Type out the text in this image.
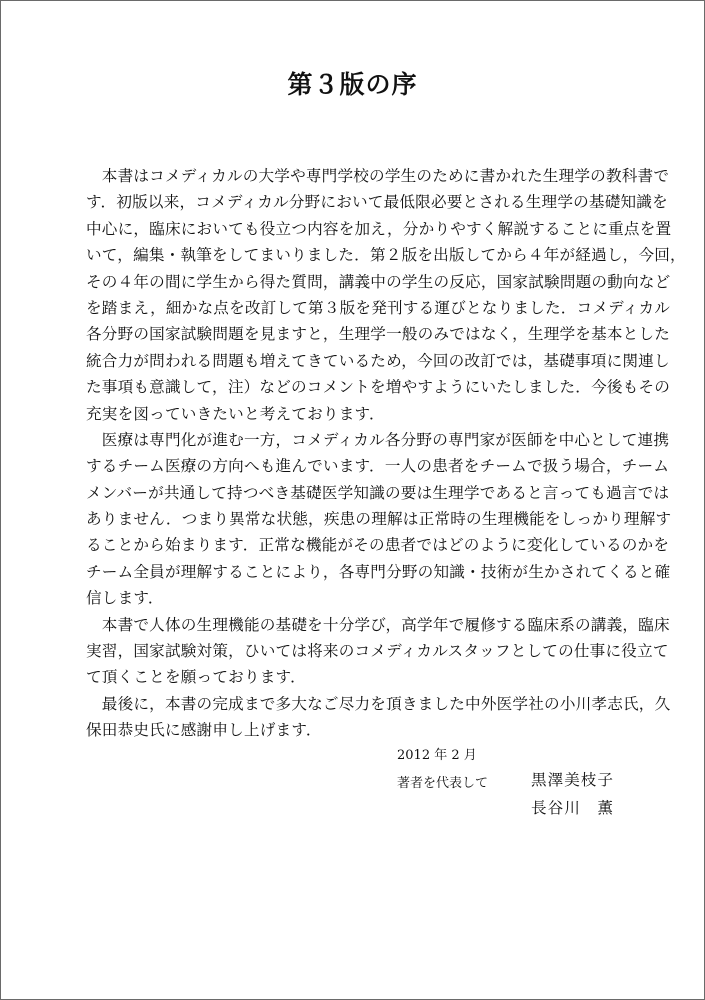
第３版の序
　本書はコメディカルの大学や専門学校の学生のために書かれた生理学の教科書で
す．初版以来，コメディカル分野において最低限必要とされる生理学の基礎知識を
中心に，臨床においても役立つ内容を加え，分かりやすく解説することに重点を置
いて，編集・執筆をしてまいりました．第２版を出版してから４年が経過し，今回，
その４年の間に学生から得た質問，講義中の学生の反応，国家試験問題の動向など
を踏まえ，細かな点を改訂して第３版を発刊する運びとなりました．コメディカル
各分野の国家試験問題を見ますと，生理学一般のみではなく，生理学を基本とした
統合力が問われる問題も増えてきているため，今回の改訂では，基礎事項に関連し
た事項も意識して，注）などのコメントを増やすようにいたしました．今後もその
充実を図っていきたいと考えております．
　医療は専門化が進む一方，コメディカル各分野の専門家が医師を中心として連携
するチーム医療の方向へも進んでいます．一人の患者をチームで扱う場合，チーム
メンバーが共通して持つべき基礎医学知識の要は生理学であると言っても過言では
ありません．つまり異常な状態，疾患の理解は正常時の生理機能をしっかり理解す
ることから始まります．正常な機能がその患者ではどのように変化しているのかを
チーム全員が理解することにより，各専門分野の知識・技術が生かされてくると確
信します．
　本書で人体の生理機能の基礎を十分学び，高学年で履修する臨床系の講義，臨床
実習，国家試験対策，ひいては将来のコメディカルスタッフとしての仕事に役立て
て頂くことを願っております．
　最後に，本書の完成まで多大なご尽力を頂きました中外医学社の小川孝志氏，久
保田恭史氏に感謝申し上げます．
2012 年 2 月
著者を代表して	黒澤美枝子
長谷川　薫
